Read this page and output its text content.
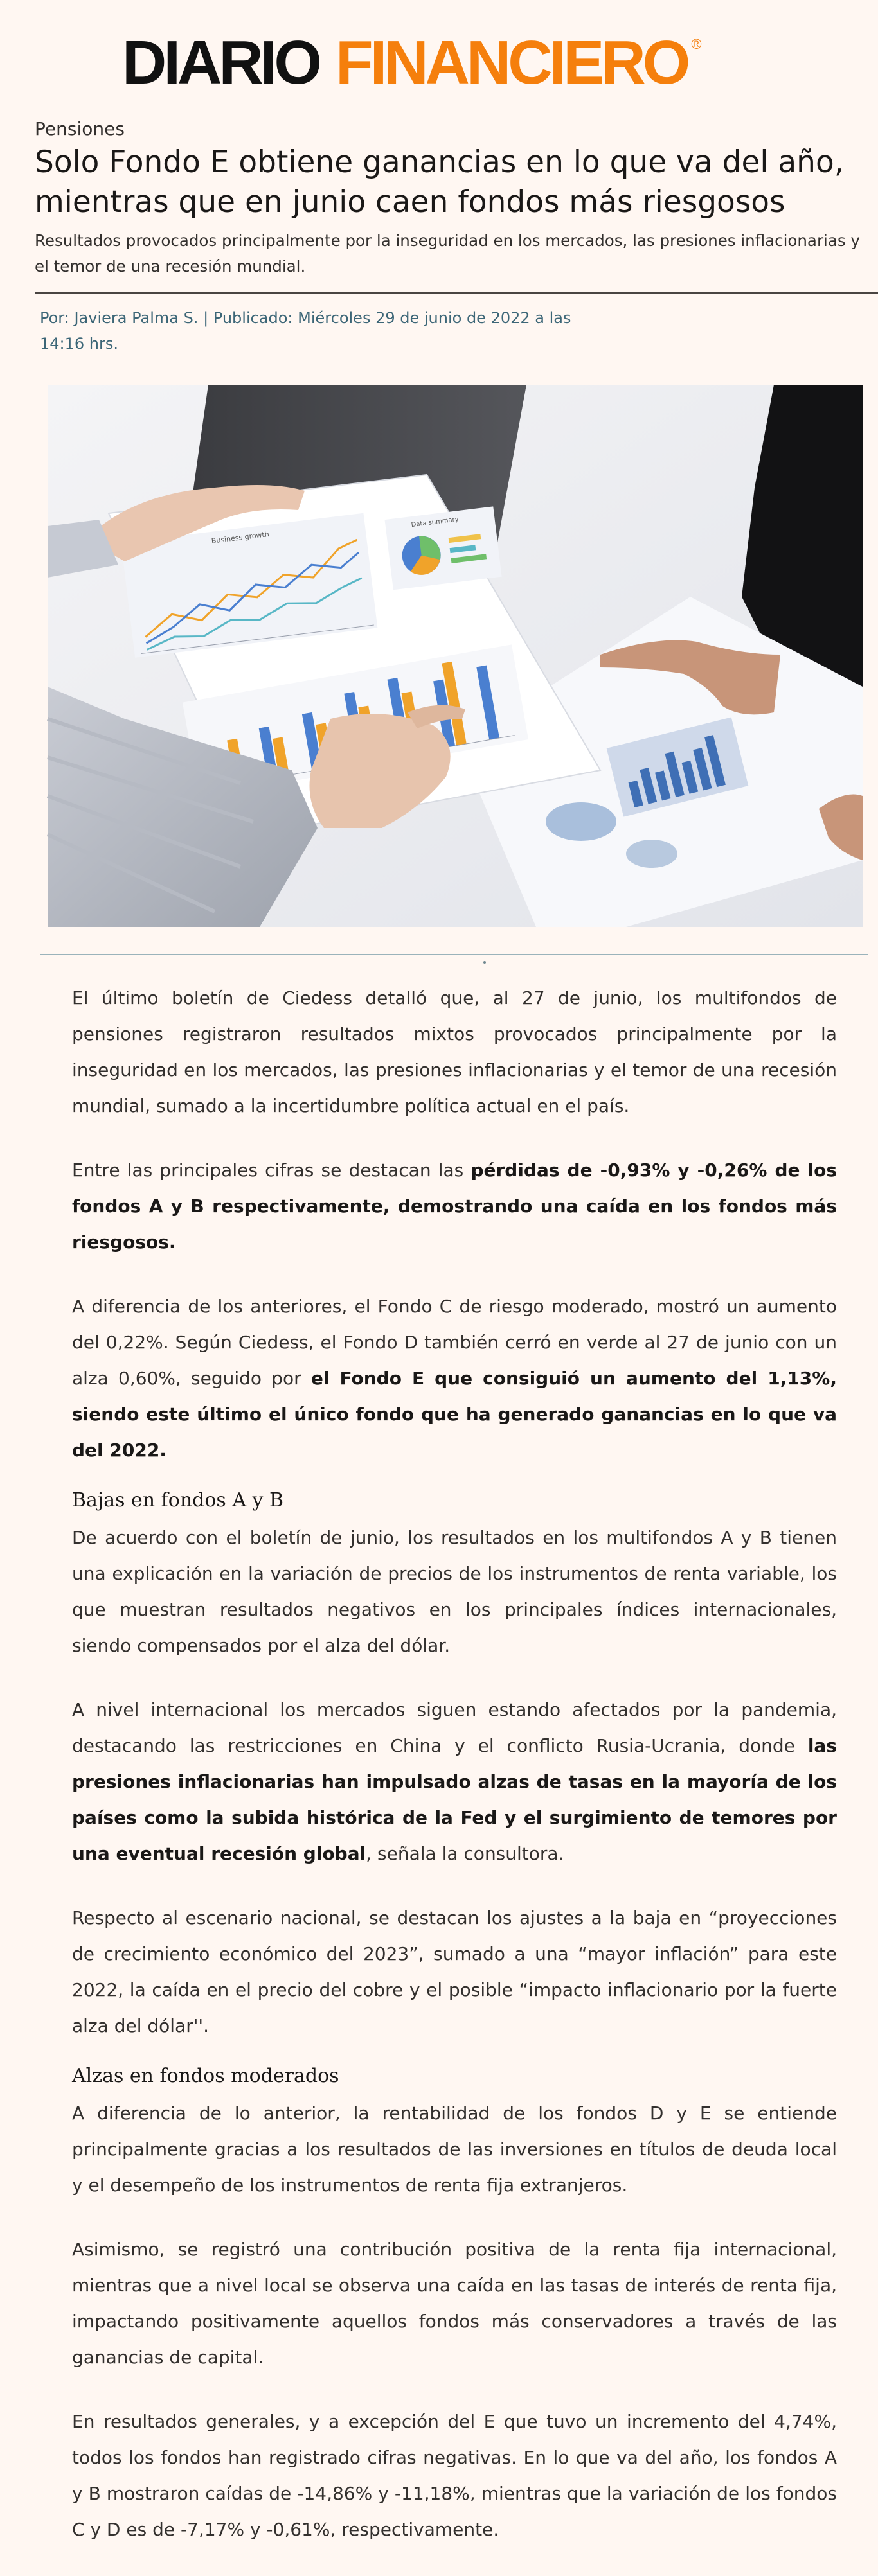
DIARIO FINANCIERO ®
Pensiones
Solo Fondo E obtiene ganancias en lo que va del año, mientras que en junio caen fondos más riesgosos
Resultados provocados principalmente por la inseguridad en los mercados, las presiones inflacionarias y el temor de una recesión mundial.
Por: Javiera Palma S. | Publicado: Miércoles 29 de junio de 2022 a las 14:16 hrs.
Business growth
Data summary

El último boletín de Ciedess detalló que, al 27 de junio, los multifondos de pensiones registraron resultados mixtos provocados principalmente por la inseguridad en los mercados, las presiones inflacionarias y el temor de una recesión mundial, sumado a la incertidumbre política actual en el país.

Entre las principales cifras se destacan las pérdidas de -0,93% y -0,26% de los fondos A y B respectivamente, demostrando una caída en los fondos más riesgosos.

A diferencia de los anteriores, el Fondo C de riesgo moderado, mostró un aumento del 0,22%. Según Ciedess, el Fondo D también cerró en verde al 27 de junio con un alza 0,60%, seguido por el Fondo E que consiguió un aumento del 1,13%, siendo este último el único fondo que ha generado ganancias en lo que va del 2022.

Bajas en fondos A y B

De acuerdo con el boletín de junio, los resultados en los multifondos A y B tienen una explicación en la variación de precios de los instrumentos de renta variable, los que muestran resultados negativos en los principales índices internacionales, siendo compensados por el alza del dólar.

A nivel internacional los mercados siguen estando afectados por la pandemia, destacando las restricciones en China y el conflicto Rusia-Ucrania, donde las presiones inflacionarias han impulsado alzas de tasas en la mayoría de los países como la subida histórica de la Fed y el surgimiento de temores por una eventual recesión global, señala la consultora.

Respecto al escenario nacional, se destacan los ajustes a la baja en “proyecciones de crecimiento económico del 2023”, sumado a una “mayor inflación” para este 2022, la caída en el precio del cobre y el posible “impacto inflacionario por la fuerte alza del dólar''.

Alzas en fondos moderados

A diferencia de lo anterior, la rentabilidad de los fondos D y E se entiende principalmente gracias a los resultados de las inversiones en títulos de deuda local y el desempeño de los instrumentos de renta fija extranjeros.

Asimismo, se registró una contribución positiva de la renta fija internacional, mientras que a nivel local se observa una caída en las tasas de interés de renta fija, impactando positivamente aquellos fondos más conservadores a través de las ganancias de capital.

En resultados generales, y a excepción del E que tuvo un incremento del 4,74%, todos los fondos han registrado cifras negativas. En lo que va del año, los fondos A y B mostraron caídas de -14,86% y -11,18%, mientras que la variación de los fondos C y D es de -7,17% y -0,61%, respectivamente.
